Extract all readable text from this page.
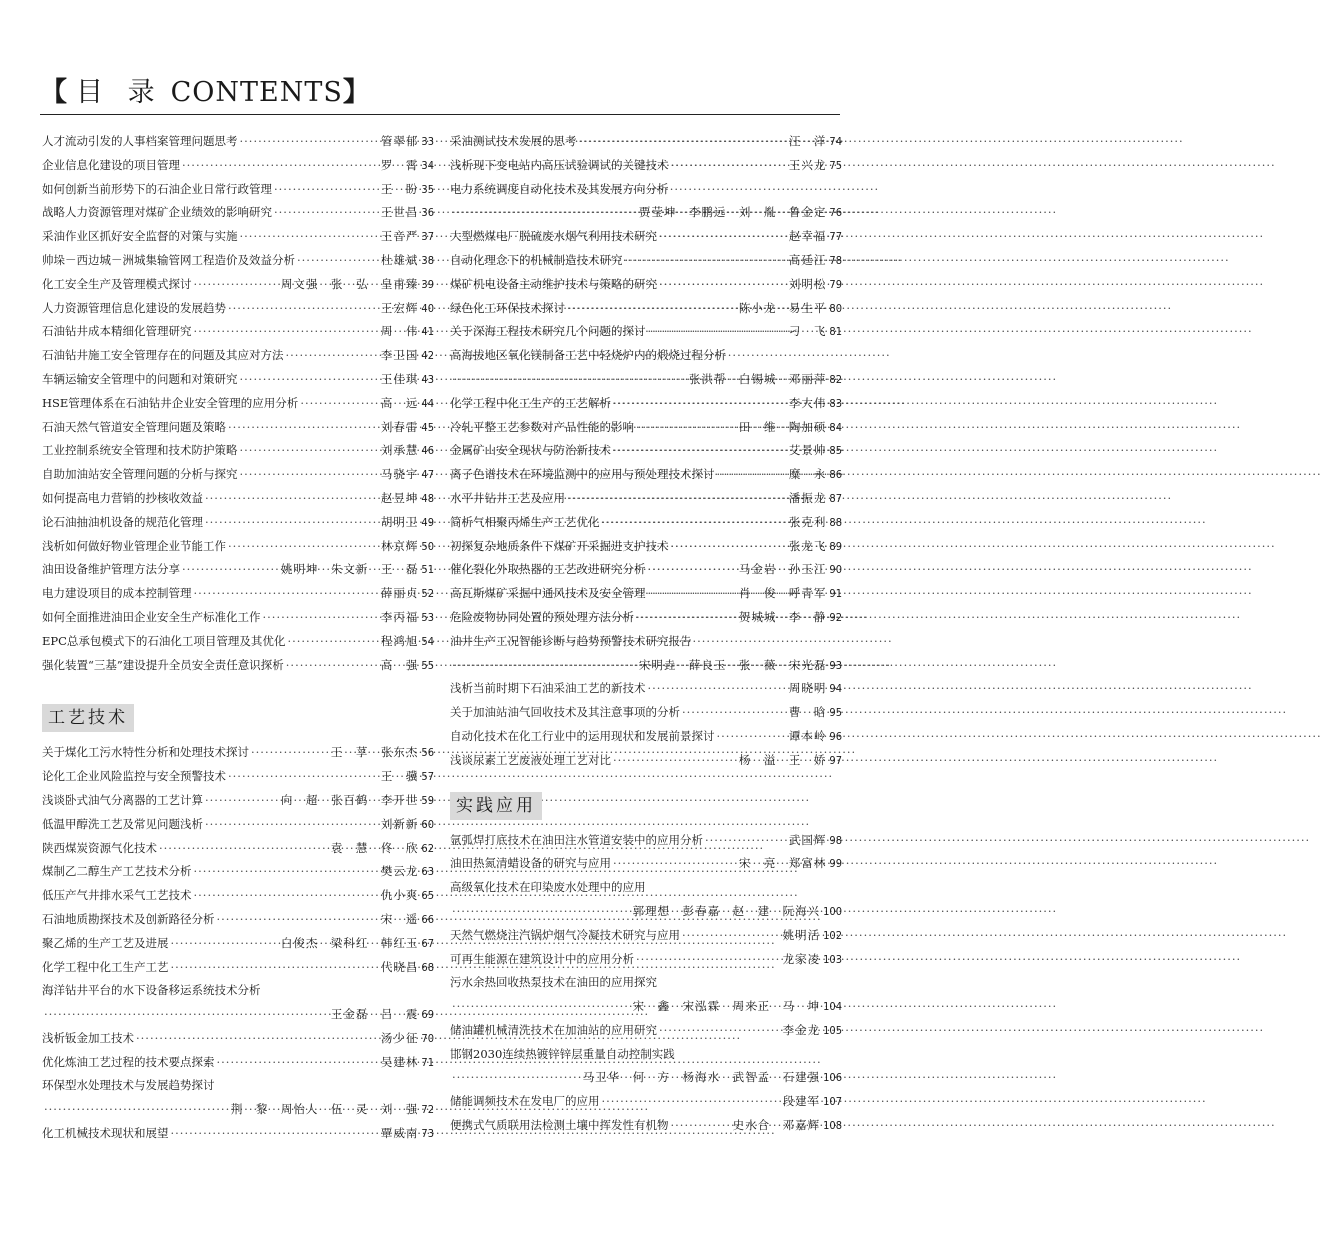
【 目 录 CONTENTS】
人才流动引发的人事档案管理问题思考 ·····	管翠郁 33
企业信息化建设的项目管理 ·····	罗　霄 34
如何创新当前形势下的石油企业日常行政管理 ·····	王　盼 35
战略人力资源管理对煤矿企业绩效的影响研究 ·····	王世昌 36
采油作业区抓好安全监督的对策与实施 ·····	王音严 37
帅垛－西边城－洲城集输管网工程造价及效益分析 ·····	杜雄斌 38
化工安全生产及管理模式探讨 ·····	周文强　张　弘　皇甫臻 39
人力资源管理信息化建设的发展趋势 ·····	王宏辉 40
石油钻井成本精细化管理研究 ·····	周　伟 41
石油钻井施工安全管理存在的问题及其应对方法 ·····	李卫国 42
车辆运输安全管理中的问题和对策研究 ·····	王佳琪 43
HSE管理体系在石油钻井企业安全管理的应用分析 ·····	高　远 44
石油天然气管道安全管理问题及策略 ·····	刘春雷 45
工业控制系统安全管理和技术防护策略 ·····	刘承慧 46
自助加油站安全管理问题的分析与探究 ·····	马骁宇 47
如何提高电力营销的抄核收效益 ·····	赵昱坤 48
论石油抽油机设备的规范化管理 ·····	胡明卫 49
浅析如何做好物业管理企业节能工作 ·····	林京辉 50
油田设备维护管理方法分享 ·····	姚明坤　朱文新　王　磊 51
电力建设项目的成本控制管理 ·····	薛丽贞 52
如何全面推进油田企业安全生产标准化工作 ·····	李丙福 53
EPC总承包模式下的石油化工项目管理及其优化 ·····	程鸿旭 54
强化装置“三基”建设提升全员安全责任意识探析 ·····	高　强 55
工艺技术
关于煤化工污水特性分析和处理技术探讨 ·····	王　莩　张东杰 56
论化工企业风险监控与安全预警技术 ·····	王　骥 57
浅谈卧式油气分离器的工艺计算 ·····	向　超　张百鹤　李开世 59
低温甲醇洗工艺及常见问题浅析 ·····	刘新新 60
陕西煤炭资源气化技术 ·····	袁　慧　佟　欣 62
煤制乙二醇生产工艺技术分析 ·····	樊云龙 63
低压产气井排水采气工艺技术 ·····	仇小爽 65
石油地质勘探技术及创新路径分析 ·····	宋　遥 66
聚乙烯的生产工艺及进展 ·····	白俊杰　梁科红　韩红玉 67
化学工程中化工生产工艺 ·····	代晓昌 68
海洋钻井平台的水下设备移运系统技术分析
·····
王金磊　吕　震 69
浅析钣金加工技术 ·····	汤少征 70
优化炼油工艺过程的技术要点探索 ·····	吴建林 71
环保型水处理技术与发展趋势探讨
·····
荆　黎　周怡人　伍　灵　刘　强 72
化工机械技术现状和展望 ·····	覃威南 73
采油测试技术发展的思考 ·····	汪　洋 74
浅析现下变电站内高压试验调试的关键技术 ·····	王兴龙 75
电力系统调度自动化技术及其发展方向分析
·····
贾莹坤　李鹏远　刘　胤　鲁金定 76
大型燃煤电厂脱硫废水烟气利用技术研究 ·····	赵幸福 77
自动化理念下的机械制造技术研究 ·····	高廷江 78
煤矿机电设备主动维护技术与策略的研究 ·····	刘明松 79
绿色化工环保技术探讨 ·····	陈小龙　易生平 80
关于深海工程技术研究几个问题的探讨 ·····	刁　飞 81
高海拔地区氧化镁制备工艺中轻烧炉内的煅烧过程分析
·····
张洪帮　白锡城　邓丽萍 82
化学工程中化工生产的工艺解析 ·····	李大伟 83
冷轧平整工艺参数对产品性能的影响 ·····	田　维　陶加硕 84
金属矿山安全现状与防治新技术 ·····	艾景帅 85
离子色谱技术在环境监测中的应用与预处理技术探讨 ·····	糜　永 86
水平井钻井工艺及应用 ·····	潘振龙 87
简析气相聚丙烯生产工艺优化 ·····	张克利 88
初探复杂地质条件下煤矿开采掘进支护技术 ·····	张龙飞 89
催化裂化外取热器的工艺改进研究分析 ·····	马金岩　孙玉江 90
高瓦斯煤矿采掘中通风技术及安全管理 ·····	肖　俊　呼青军 91
危险废物协同处置的预处理方法分析 ·····	贺城城　李　静 92
油井生产工况智能诊断与趋势预警技术研究报告
·····
宋明垚　薛良玉　张　薇　宋光磊 93
浅析当前时期下石油采油工艺的新技术 ·····	周晓明 94
关于加油站油气回收技术及其注意事项的分析 ·····	曹　晗 95
自动化技术在化工行业中的运用现状和发展前景探讨 ·····	谭本岭 96
浅谈尿素工艺废液处理工艺对比 ·····	杨　溢　王　娇 97
实践应用
氩弧焊打底技术在油田注水管道安装中的应用分析 ·····	武国辉 98
油田热氮清蜡设备的研究与应用 ·····	宋　亮　郑富林 99
高级氧化技术在印染废水处理中的应用
·····
郭理想　彭春嘉　赵　建　阮海兴 100
天然气燃烧注汽锅炉烟气冷凝技术研究与应用 ·····	姚明活 102
可再生能源在建筑设计中的应用分析 ·····	龙家凌 103
污水余热回收热泵技术在油田的应用探究
·····
宋　鑫　宋泓霖　周来正　马　坤 104
储油罐机械清洗技术在加油站的应用研究 ·····	李金龙 105
邯钢2030连续热镀锌锌层重量自动控制实践
·····
马卫华　何　方　杨海水　武智孟　石建强 106
储能调频技术在发电厂的应用 ·····	段建军 107
便携式气质联用法检测土壤中挥发性有机物 ·····	史水合　邓嘉辉 108
